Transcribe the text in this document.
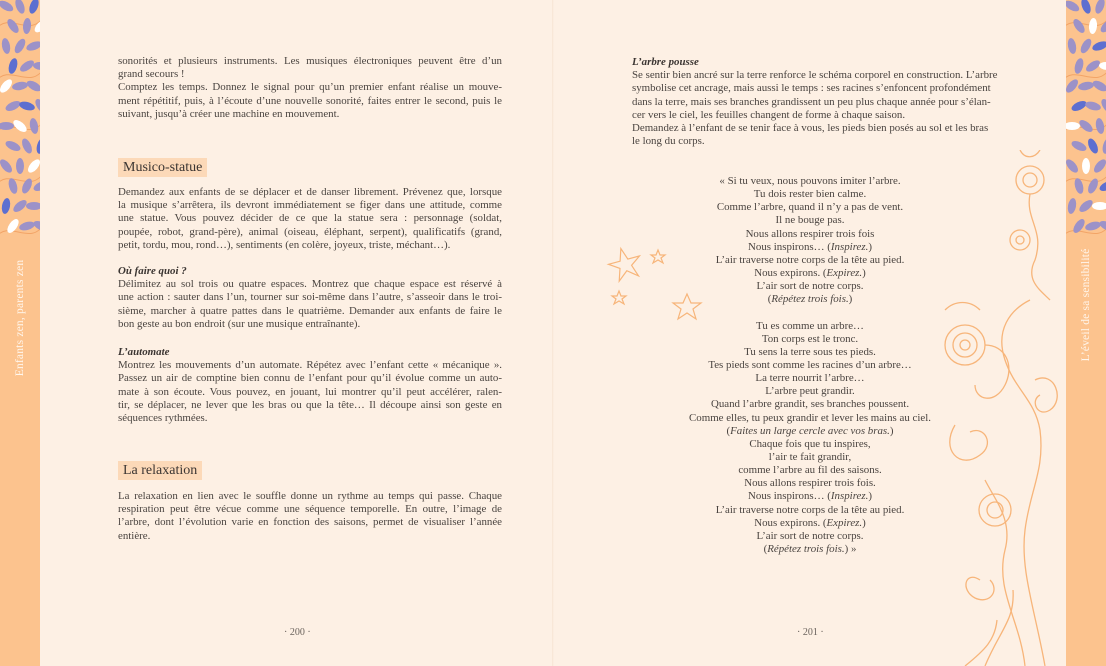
Enfants zen, parents zen	L’éveil de sa sensibilité
sonorités et plusieurs instruments. Les musiques électroniques peuvent être d’un
grand secours !
Comptez les temps. Donnez le signal pour qu’un premier enfant réalise un mouve-
ment répétitif, puis, à l’écoute d’une nouvelle sonorité, faites entrer le second, puis le
suivant, jusqu’à créer une machine en mouvement.
Musico-statue
Demandez aux enfants de se déplacer et de danser librement. Prévenez que, lorsque
la musique s’arrêtera, ils devront immédiatement se figer dans une attitude, comme
une statue. Vous pouvez décider de ce que la statue sera : personnage (soldat,
poupée, robot, grand-père), animal (oiseau, éléphant, serpent), qualificatifs (grand,
petit, tordu, mou, rond…), sentiments (en colère, joyeux, triste, méchant…).
Où faire quoi ?
Délimitez au sol trois ou quatre espaces. Montrez que chaque espace est réservé à
une action : sauter dans l’un, tourner sur soi-même dans l’autre, s’asseoir dans le troi-
sième, marcher à quatre pattes dans le quatrième. Demander aux enfants de faire le
bon geste au bon endroit (sur une musique entraînante).
L’automate
Montrez les mouvements d’un automate. Répétez avec l’enfant cette « mécanique ».
Passez un air de comptine bien connu de l’enfant pour qu’il évolue comme un auto-
mate à son écoute. Vous pouvez, en jouant, lui montrer qu’il peut accélérer, ralen-
tir, se déplacer, ne lever que les bras ou que la tête… Il découpe ainsi son geste en
séquences rythmées.
La relaxation
La relaxation en lien avec le souffle donne un rythme au temps qui passe. Chaque
respiration peut être vécue comme une séquence temporelle. En outre, l’image de
l’arbre, dont l’évolution varie en fonction des saisons, permet de visualiser l’année
entière.
· 200 ·
L’arbre pousse
Se sentir bien ancré sur la terre renforce le schéma corporel en construction. L’arbre
symbolise cet ancrage, mais aussi le temps : ses racines s’enfoncent profondément
dans la terre, mais ses branches grandissent un peu plus chaque année pour s’élan-
cer vers le ciel, les feuilles changent de forme à chaque saison.
Demandez à l’enfant de se tenir face à vous, les pieds bien posés au sol et les bras
le long du corps.
« Si tu veux, nous pouvons imiter l’arbre.
Tu dois rester bien calme.
Comme l’arbre, quand il n’y a pas de vent.
Il ne bouge pas.
Nous allons respirer trois fois
Nous inspirons… (Inspirez.)
L’air traverse notre corps de la tête au pied.
Nous expirons. (Expirez.)
L’air sort de notre corps.
(Répétez trois fois.)
Tu es comme un arbre…
Ton corps est le tronc.
Tu sens la terre sous tes pieds.
Tes pieds sont comme les racines d’un arbre…
La terre nourrit l’arbre…
L’arbre peut grandir.
Quand l’arbre grandit, ses branches poussent.
Comme elles, tu peux grandir et lever les mains au ciel.
(Faites un large cercle avec vos bras.)
Chaque fois que tu inspires,
l’air te fait grandir,
comme l’arbre au fil des saisons.
Nous allons respirer trois fois.
Nous inspirons… (Inspirez.)
L’air traverse notre corps de la tête au pied.
Nous expirons. (Expirez.)
L’air sort de notre corps.
(Répétez trois fois.) »
· 201 ·
